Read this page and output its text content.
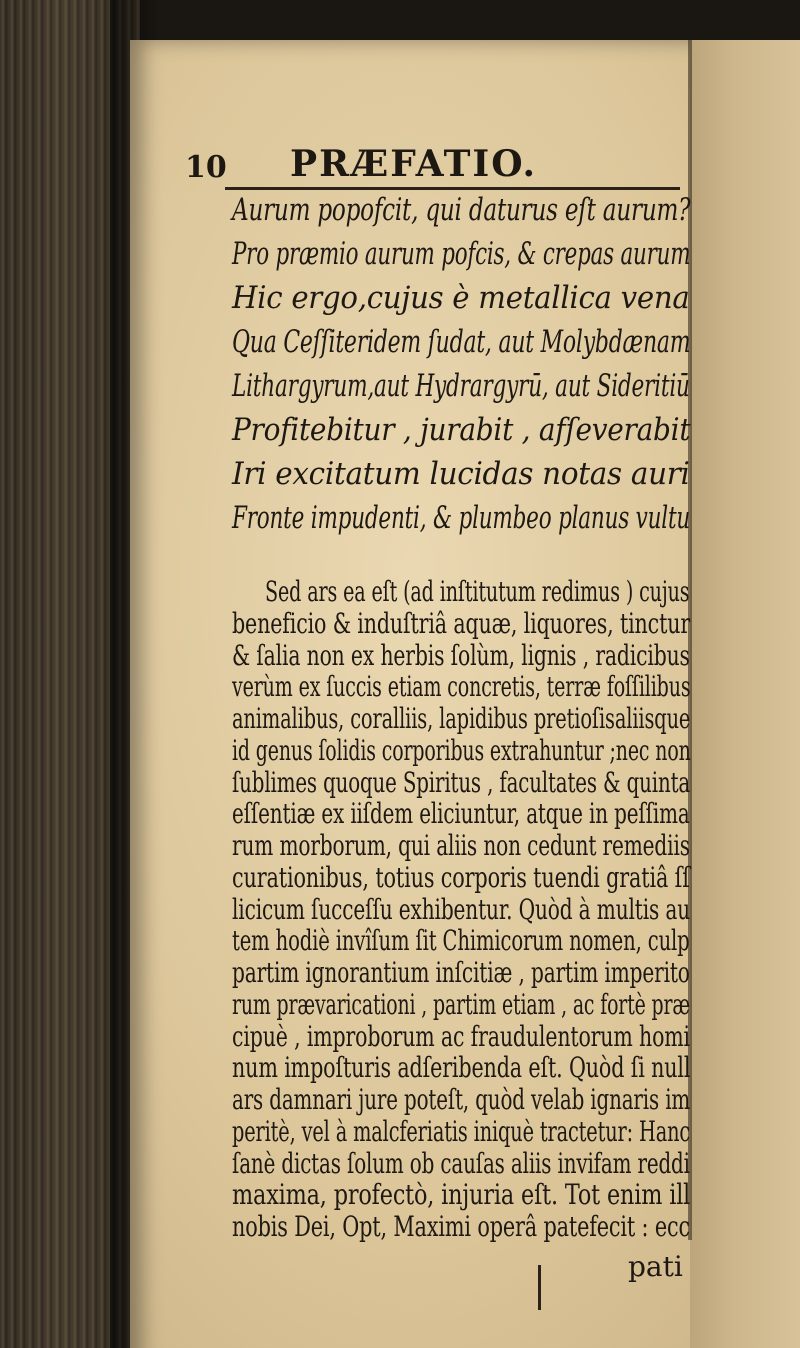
10 PRÆFATIO.
Aurum popofcit, qui daturus eſt aurum?
Pro præmio aurum pofcis, & crepas aurum
Hic ergo,cujus è metallica vena
Qua Ceſſiteridem ſudat, aut Molybdænam
Lithargyrum,aut Hydrargyrū, aut Sideritiū
Profitebitur , jurabit , afſeverabit
Iri excitatum lucidas notas auri
Fronte impudenti, & plumbeo planus vultu
Sed ars ea eſt (ad inſtitutum redimus ) cujus
beneficio & induſtriâ aquæ, liquores, tinctur
& ſalia non ex herbis ſolùm, lignis , radicibus
verùm ex ſuccis etiam concretis, terræ foſſilibus
animalibus, coralliis, lapidibus pretioſisaliisque
id genus ſolidis corporibus extrahuntur ;nec non
ſublimes quoque Spiritus , facultates & quinta
eſſentiæ ex iiſdem eliciuntur, atque in peſſima
rum morborum, qui aliis non cedunt remediis
curationibus, totius corporis tuendi gratiâ ſſ
licicum ſucceſſu exhibentur. Quòd à multis au
tem hodiè invîſum ſit Chimicorum nomen, culp
partim ignorantium inſcitiæ , partim imperito
rum prævaricationi , partim etiam , ac fortè præ
cipuè , improborum ac fraudulentorum homi
num impoſturis adſeribenda eſt. Quòd ſi null
ars damnari jure poteſt, quòd velab ignaris im
peritè, vel à malcferiatis iniquè tractetur: Hanc
ſanè dictas ſolum ob cauſas aliis invifam reddi
maxima, profectò, injuria eſt. Tot enim ill
nobis Dei, Opt, Maximi operâ patefecit : ecc
pati
